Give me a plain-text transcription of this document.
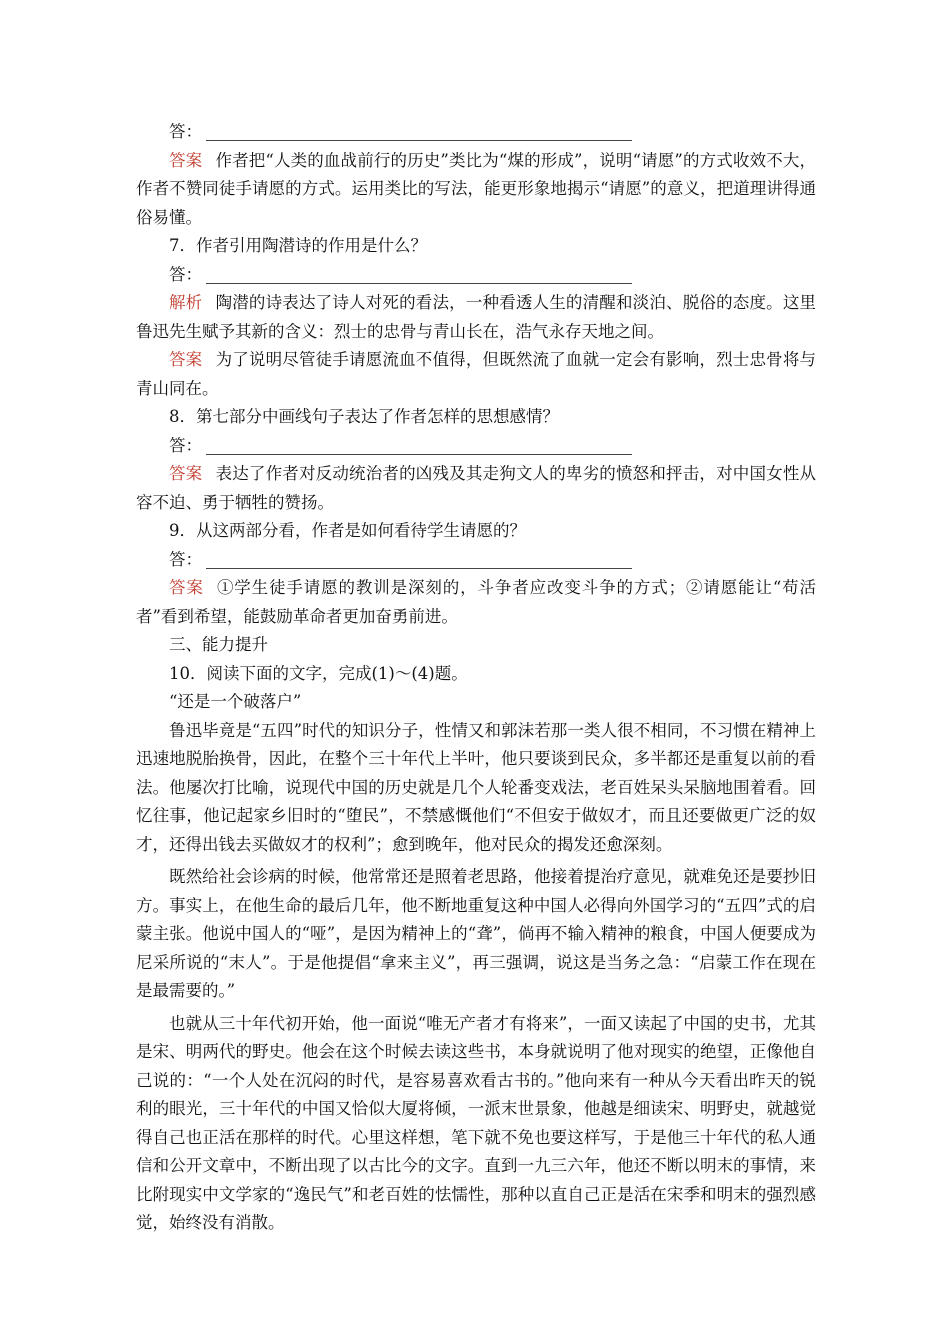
答：

答案 作者把“人类的血战前行的历史”类比为“煤的形成”，说明“请愿”的方式收效不大，作者不赞同徒手请愿的方式。运用类比的写法，能更形象地揭示“请愿”的意义，把道理讲得通俗易懂。

7．作者引用陶潜诗的作用是什么？

答：

解析 陶潜的诗表达了诗人对死的看法，一种看透人生的清醒和淡泊、脱俗的态度。这里鲁迅先生赋予其新的含义：烈士的忠骨与青山长在，浩气永存天地之间。

答案 为了说明尽管徒手请愿流血不值得，但既然流了血就一定会有影响，烈士忠骨将与青山同在。

8．第七部分中画线句子表达了作者怎样的思想感情？

答：

答案 表达了作者对反动统治者的凶残及其走狗文人的卑劣的愤怒和抨击，对中国女性从容不迫、勇于牺牲的赞扬。

9．从这两部分看，作者是如何看待学生请愿的？

答：

答案 ①学生徒手请愿的教训是深刻的，斗争者应改变斗争的方式；②请愿能让“苟活者”看到希望，能鼓励革命者更加奋勇前进。

三、能力提升

10．阅读下面的文字，完成(1)～(4)题。

“还是一个破落户”

鲁迅毕竟是“五四”时代的知识分子，性情又和郭沫若那一类人很不相同，不习惯在精神上迅速地脱胎换骨，因此，在整个三十年代上半叶，他只要谈到民众，多半都还是重复以前的看法。他屡次打比喻，说现代中国的历史就是几个人轮番变戏法，老百姓呆头呆脑地围着看。回忆往事，他记起家乡旧时的“堕民”，不禁感慨他们“不但安于做奴才，而且还要做更广泛的奴才，还得出钱去买做奴才的权利”；愈到晚年，他对民众的揭发还愈深刻。

既然给社会诊病的时候，他常常还是照着老思路，他接着提治疗意见，就难免还是要抄旧方。事实上，在他生命的最后几年，他不断地重复这种中国人必得向外国学习的“五四”式的启蒙主张。他说中国人的“哑”，是因为精神上的“聋”，倘再不输入精神的粮食，中国人便要成为尼采所说的“末人”。于是他提倡“拿来主义”，再三强调，说这是当务之急：“启蒙工作在现在是最需要的。”

也就从三十年代初开始，他一面说“唯无产者才有将来”，一面又读起了中国的史书，尤其是宋、明两代的野史。他会在这个时候去读这些书，本身就说明了他对现实的绝望，正像他自己说的：“一个人处在沉闷的时代，是容易喜欢看古书的。”他向来有一种从今天看出昨天的锐利的眼光，三十年代的中国又恰似大厦将倾，一派末世景象，他越是细读宋、明野史，就越觉得自己也正活在那样的时代。心里这样想，笔下就不免也要这样写，于是他三十年代的私人通信和公开文章中，不断出现了以古比今的文字。直到一九三六年，他还不断以明末的事情，来比附现实中文学家的“逸民气”和老百姓的怯懦性，那种以直自己正是活在宋季和明末的强烈感觉，始终没有消散。
